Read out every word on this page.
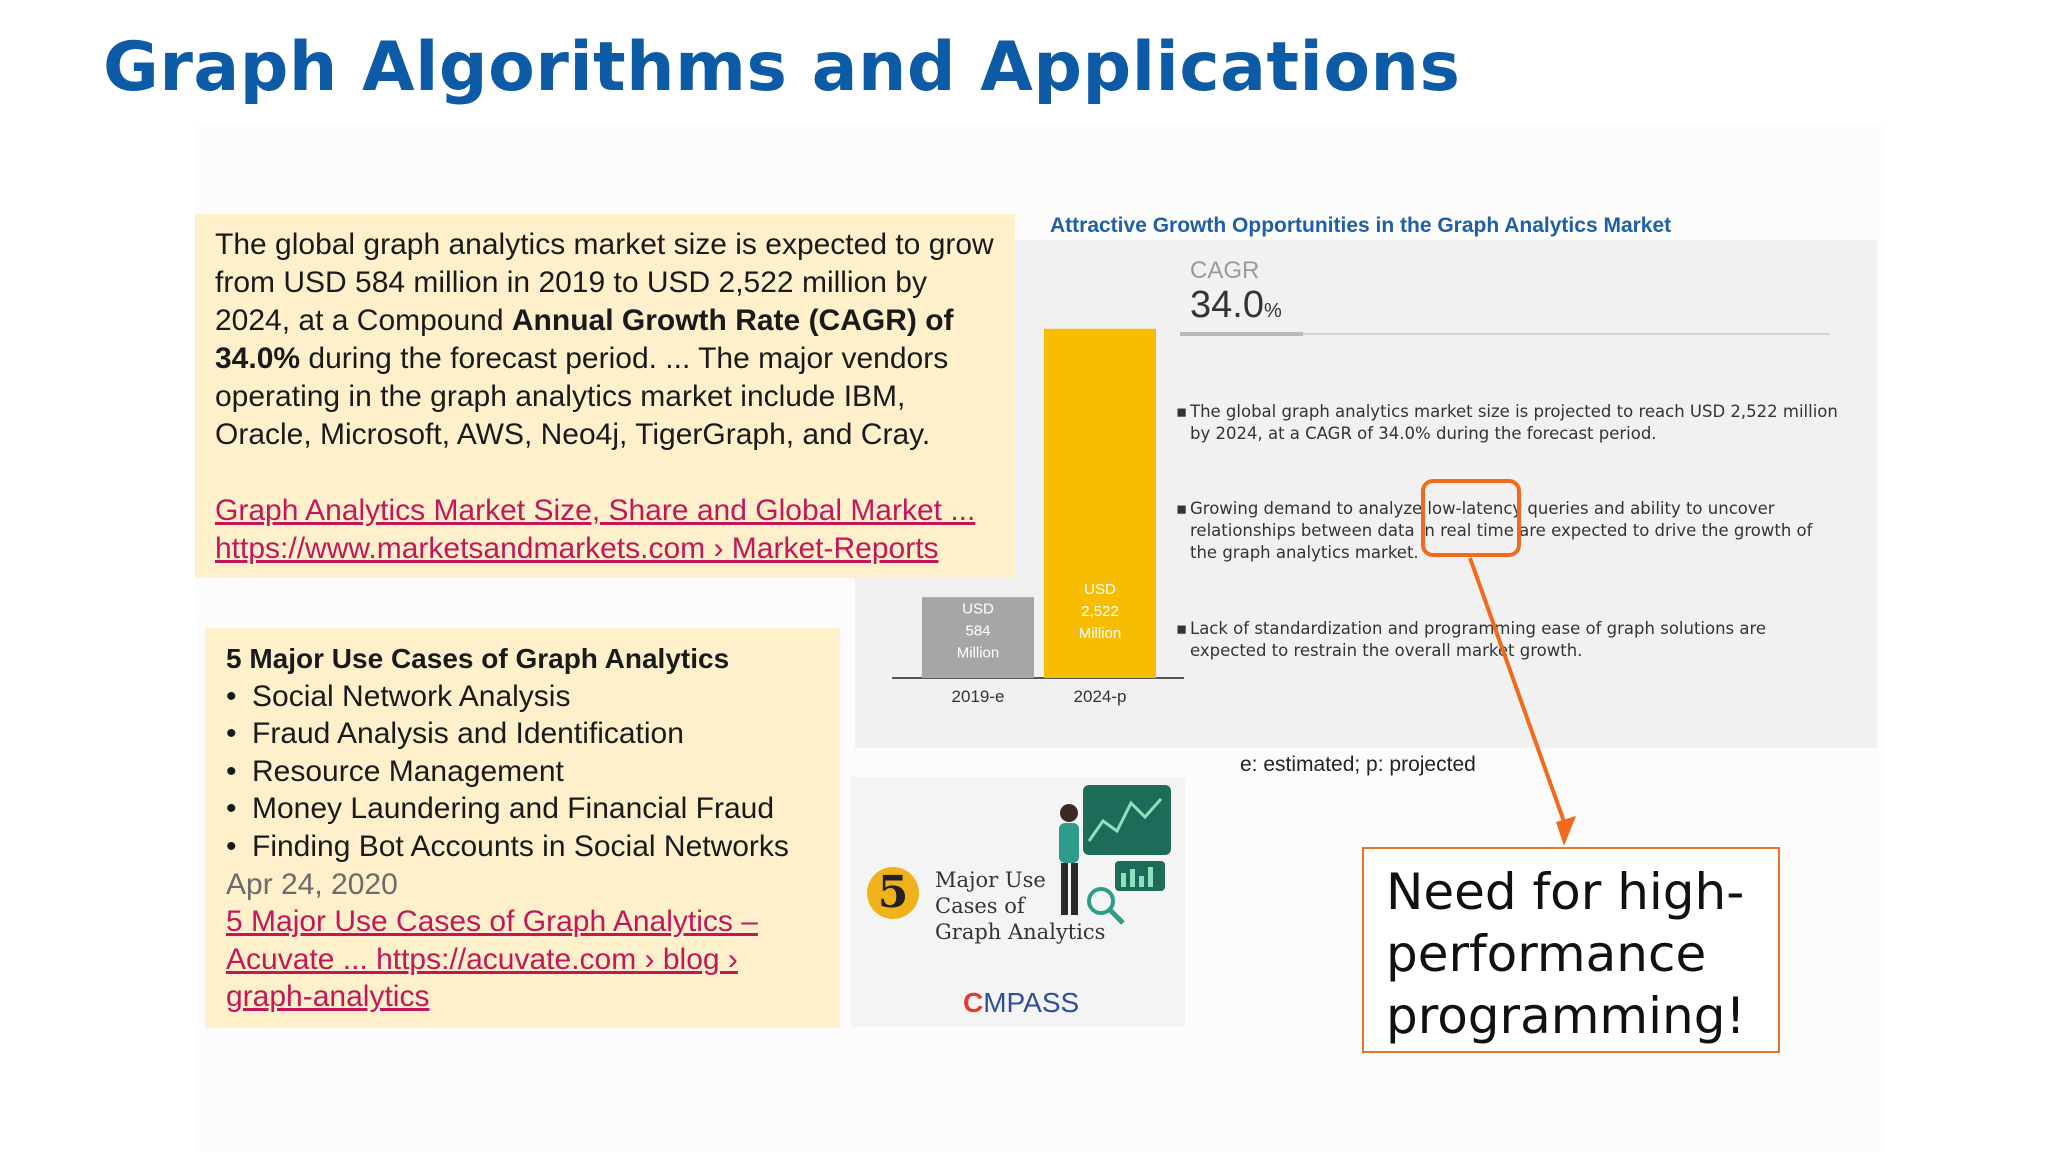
Graph Algorithms and Applications
Attractive Growth Opportunities in the Graph Analytics Market
CAGR
34.0%
▪ The global graph analytics market size is projected to reach USD 2,522 million by 2024, at a CAGR of 34.0% during the forecast period.
▪ Growing demand to analyze low-latency queries and ability to uncover relationships between data in real time are expected to drive the growth of the graph analytics market.
▪ Lack of standardization and programming ease of graph solutions are expected to restrain the overall market growth.
USD
584
Million
2019-e
USD
2,522
Million
2024-p
e: estimated; p: projected

The global graph analytics market size is expected to grow from USD 584 million in 2019 to USD 2,522 million by 2024, at a Compound Annual Growth Rate (CAGR) of 34.0% during the forecast period. ... The major vendors operating in the graph analytics market include IBM, Oracle, Microsoft, AWS, Neo4j, TigerGraph, and Cray.

Graph Analytics Market Size, Share and Global Market ...
https://www.marketsandmarkets.com › Market-Reports
5 Major Use Cases of Graph Analytics
• Social Network Analysis
• Fraud Analysis and Identification
• Resource Management
• Money Laundering and Financial Fraud
• Finding Bot Accounts in Social Networks
Apr 24, 2020
5 Major Use Cases of Graph Analytics –
Acuvate ... https://acuvate.com › blog ›
graph-analytics
5	Major Use
Cases of
Graph Analytics
CMPASS
Need for high-performance programming!
